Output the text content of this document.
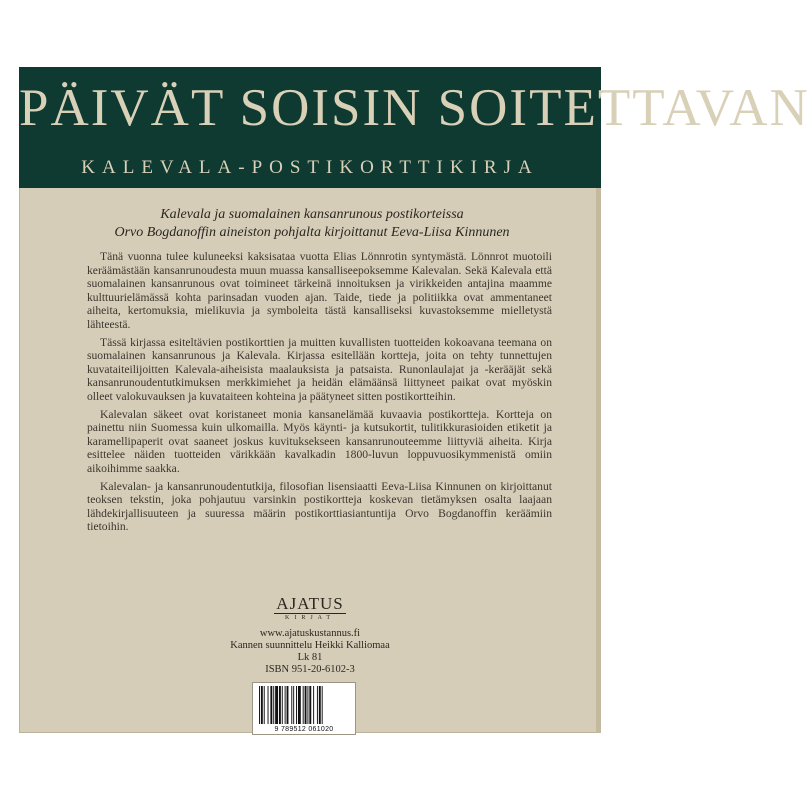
PÄIVÄT SOISIN SOITETTAVAN
KALEVALA-POSTIKORTTIKIRJA
Kalevala ja suomalainen kansanrunous postikorteissa
Orvo Bogdanoffin aineiston pohjalta kirjoittanut Eeva-Liisa Kinnunen

Tänä vuonna tulee kuluneeksi kaksisataa vuotta Elias Lönnrotin syntymästä. Lönnrot muotoili keräämästään kansanrunoudesta muun muassa kansalliseepoksemme Kalevalan. Sekä Kalevala että suomalainen kansanrunous ovat toimineet tärkeinä innoituksen ja virikkeiden antajina maamme kulttuurielämässä kohta parinsadan vuoden ajan. Taide, tiede ja politiikka ovat ammentaneet aiheita, kertomuksia, mielikuvia ja symboleita tästä kansalliseksi kuvastoksemme mielletystä lähteestä.

Tässä kirjassa esiteltävien postikorttien ja muitten kuvallisten tuotteiden kokoavana teemana on suomalainen kansanrunous ja Kalevala. Kirjassa esitellään kortteja, joita on tehty tunnettujen kuvataiteilijoitten Kalevala-aiheisista maalauksista ja patsaista. Runonlaulajat ja -kerääjät sekä kansanrunoudentutkimuksen merkkimiehet ja heidän elämäänsä liittyneet paikat ovat myöskin olleet valokuvauksen ja kuvataiteen kohteina ja päätyneet sitten postikortteihin.

Kalevalan säkeet ovat koristaneet monia kansanelämää kuvaavia postikortteja. Kortteja on painettu niin Suomessa kuin ulkomailla. Myös käynti- ja kutsukortit, tulitikkurasioiden etiketit ja karamellipaperit ovat saaneet joskus kuvituksekseen kansanrunouteemme liittyviä aiheita. Kirja esittelee näiden tuotteiden värikkään kavalkadin 1800-luvun loppuvuosikymmenistä omiin aikoihimme saakka.

Kalevalan- ja kansanrunoudentutkija, filosofian lisensiaatti Eeva-Liisa Kinnunen on kirjoittanut teoksen tekstin, joka pohjautuu varsinkin postikortteja koskevan tietämyksen osalta laajaan lähdekirjallisuuteen ja suuressa määrin postikorttiasiantuntija Orvo Bogdanoffin keräämiin tietoihin.

AJATUS
KIRJAT
www.ajatuskustannus.fi
Kannen suunnittelu Heikki Kalliomaa
Lk 81
ISBN 951-20-6102-3
9 789512 061020
